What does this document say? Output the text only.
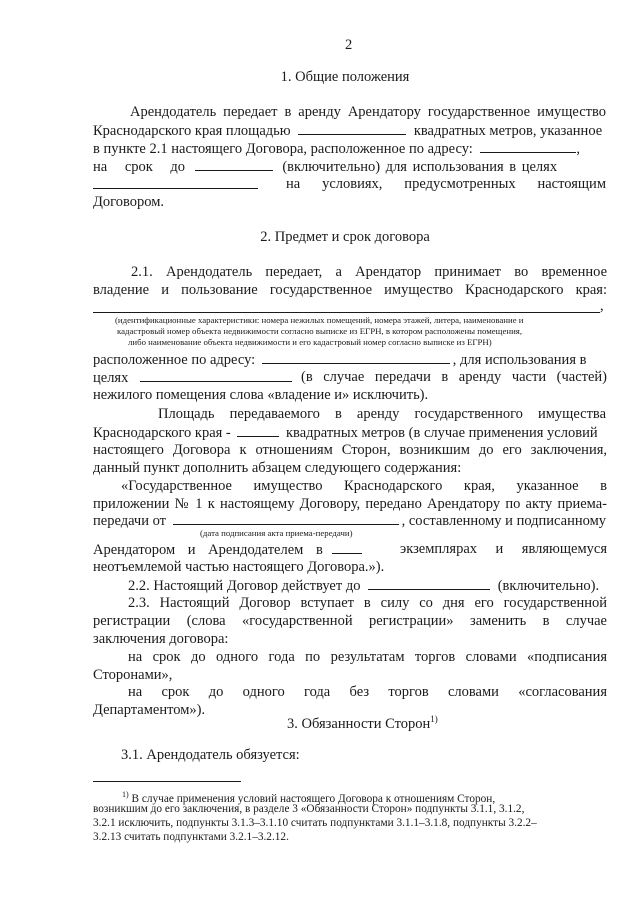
2
1. Общие положения
Арендодатель передает в аренду Арендатору государственное имущество
Краснодарского края площадью	квадратных метров, указанное
в пункте 2.1 настоящего Договора, расположенное по адресу:	,
на срок до	(включительно) для использования в целях
на условиях, предусмотренных настоящим
Договором.
2. Предмет и срок договора
2.1. Арендодатель передает, а Арендатор принимает во временное
владение и пользование государственное имущество Краснодарского края:
,
(идентификационные характеристики: номера нежилых помещений, номера этажей, литера, наименование и
кадастровый номер объекта недвижимости согласно выписке из ЕГРН, в котором расположены помещения,
либо наименование объекта недвижимости и его кадастровый номер согласно выписке из ЕГРН)
расположенное по адресу:	, для использования в
целях	(в случае передачи в аренду части (частей)
нежилого помещения слова «владение и» исключить).
Площадь передаваемого в аренду государственного имущества
Краснодарского края -	квадратных метров (в случае применения условий
настоящего Договора к отношениям Сторон, возникшим до его заключения,
данный пункт дополнить абзацем следующего содержания:
«Государственное имущество Краснодарского края, указанное в
приложении № 1 к настоящему Договору, передано Арендатору по акту приема-
передачи от	, составленному и подписанному
(дата подписания акта приема-передачи)
Арендатором и Арендодателем в	экземплярах и являющемуся
неотъемлемой частью настоящего Договора.»).
2.2. Настоящий Договор действует до	(включительно).
2.3. Настоящий Договор вступает в силу со дня его государственной
регистрации (слова «государственной регистрации» заменить в случае
заключения договора:
на срок до одного года по результатам торгов словами «подписания
Сторонами»,
на срок до одного года без торгов словами «согласования
Департаментом»).
3. Обязанности Сторон$^{1)}$
3.1. Арендодатель обязуется:
$^{1)}$ В случае применения условий настоящего Договора к отношениям Сторон,
возникшим до его заключения, в разделе 3 «Обязанности Сторон» подпункты 3.1.1, 3.1.2,
3.2.1 исключить, подпункты 3.1.3–3.1.10 считать подпунктами 3.1.1–3.1.8, подпункты 3.2.2–
3.2.13 считать подпунктами 3.2.1–3.2.12.
